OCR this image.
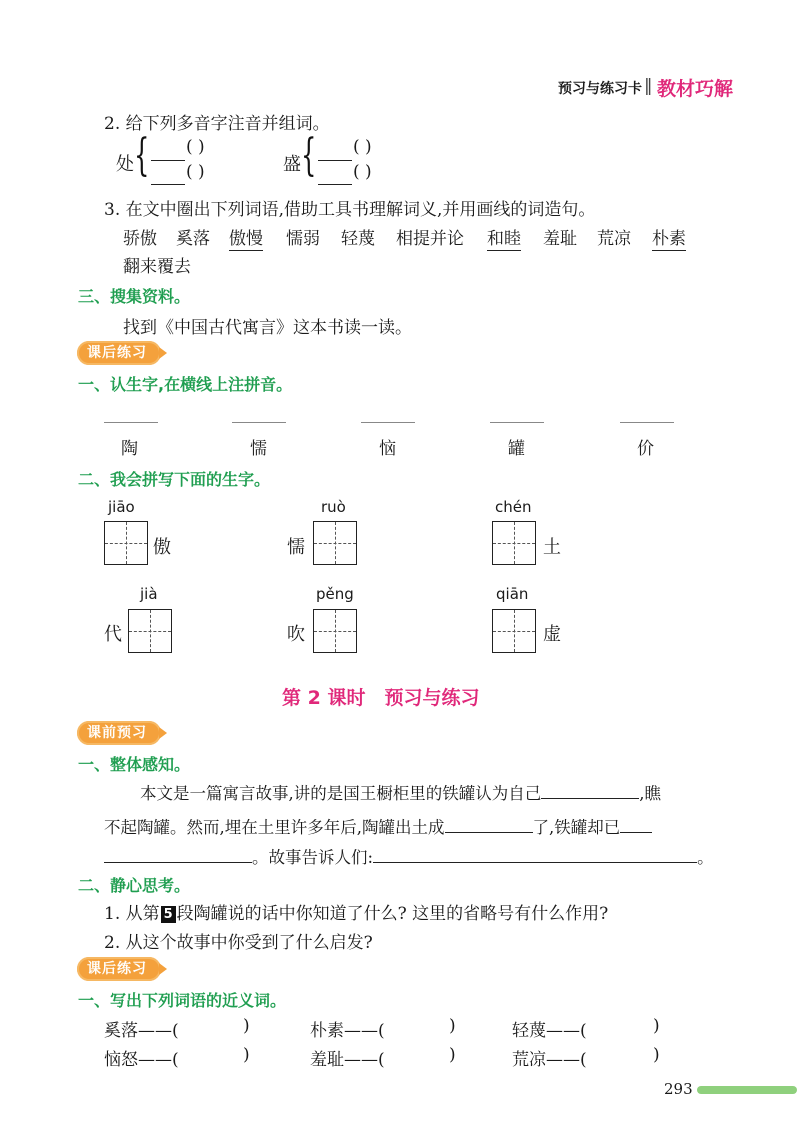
预习与练习卡 ‖ 教材巧解
2. 给下列多音字注音并组词。
处 { ( )
( )	盛 { ( )
( )
3. 在文中圈出下列词语,借助工具书理解词义,并用画线的词造句。
骄傲 奚落 傲慢 懦弱 轻蔑 相提并论 和睦 羞耻 荒凉 朴素
翻来覆去
三、搜集资料。
找到《中国古代寓言》这本书读一读。
课后练习
一、认生字,在横线上注拼音。
陶	懦	恼	罐	价
二、我会拼写下面的生字。
jiāo
傲
ruò
懦
chén
土
jià
代
pěng
吹
qiān
虚
第 2 课时　预习与练习
课前预习
一、整体感知。
本文是一篇寓言故事,讲的是国王橱柜里的铁罐认为自己	,瞧
不起陶罐。然而,埋在土里许多年后,陶罐出土成	了,铁罐却已
。故事告诉人们:	。
二、静心思考。
1. 从第 5 段陶罐说的话中你知道了什么? 这里的省略号有什么作用?
2. 从这个故事中你受到了什么启发?
课后练习
一、写出下列词语的近义词。
奚落——(	)	朴素——(	)	轻蔑——(	)
恼怒——(	)	羞耻——(	)	荒凉——(	)
293
